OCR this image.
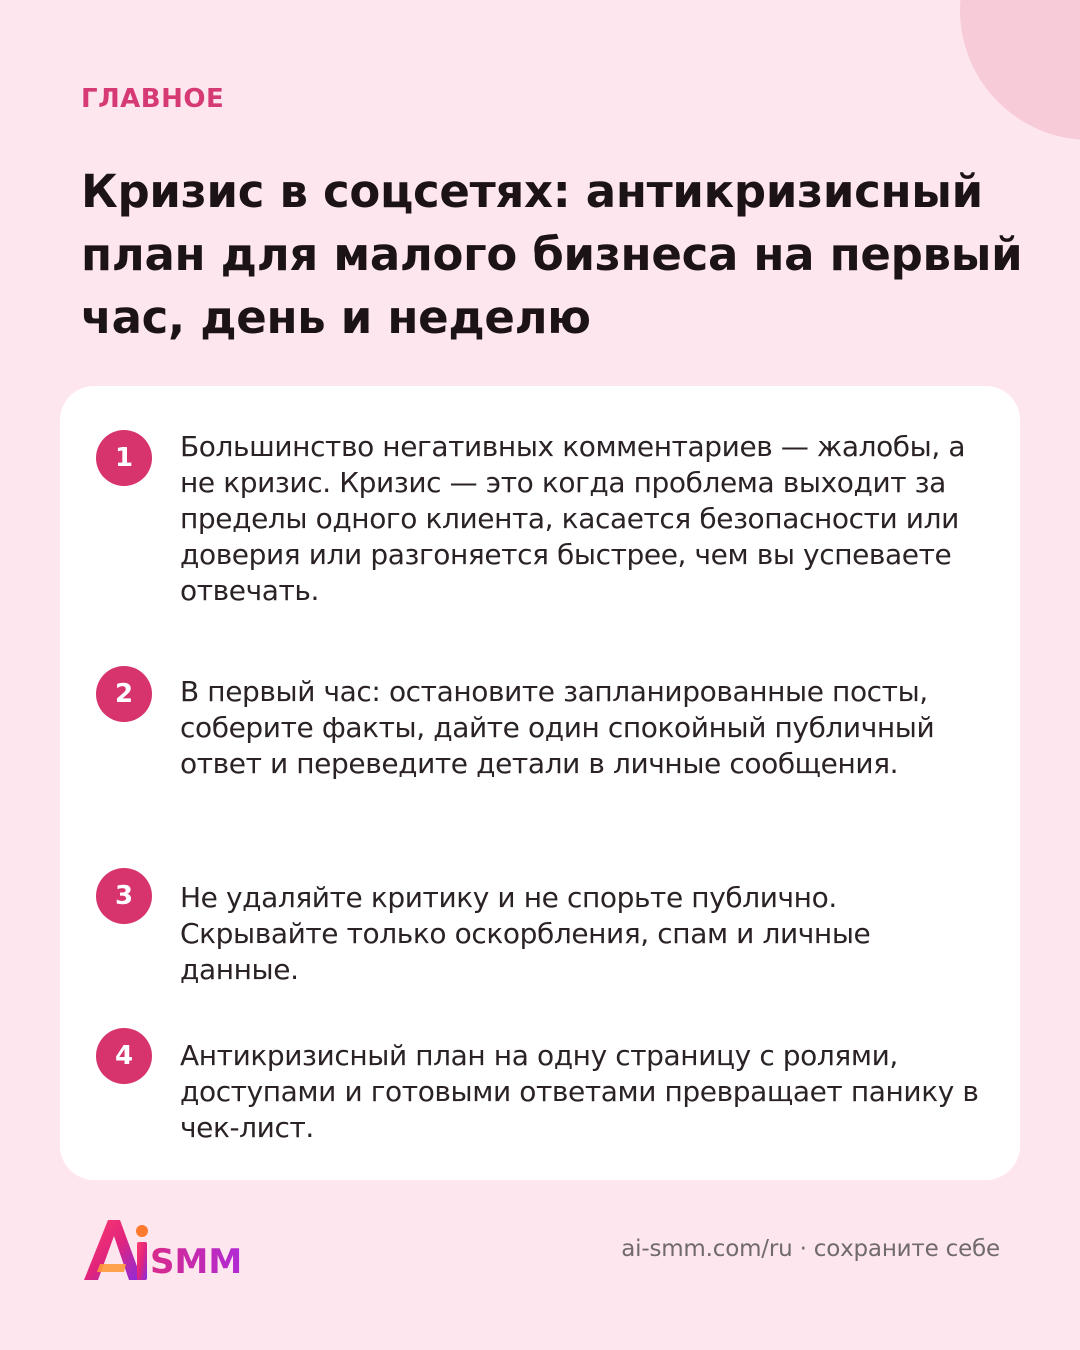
ГЛАВНОЕ
Кризис в соцсетях: антикризисный план для малого бизнеса на первый час, день и неделю
1	Большинство негативных комментариев — жалобы, а не кризис. Кризис — это когда проблема выходит за пределы одного клиента, касается безопасности или доверия или разгоняется быстрее, чем вы успеваете отвечать.

2	В первый час: остановите запланированные посты, соберите факты, дайте один спокойный публичный ответ и переведите детали в личные сообщения.

3	Не удаляйте критику и не спорьте публично. Скрывайте только оскорбления, спам и личные данные.

4	Антикризисный план на одну страницу с ролями, доступами и готовыми ответами превращает панику в чек-лист.

SMM	ai-smm.com/ru · сохраните себе
